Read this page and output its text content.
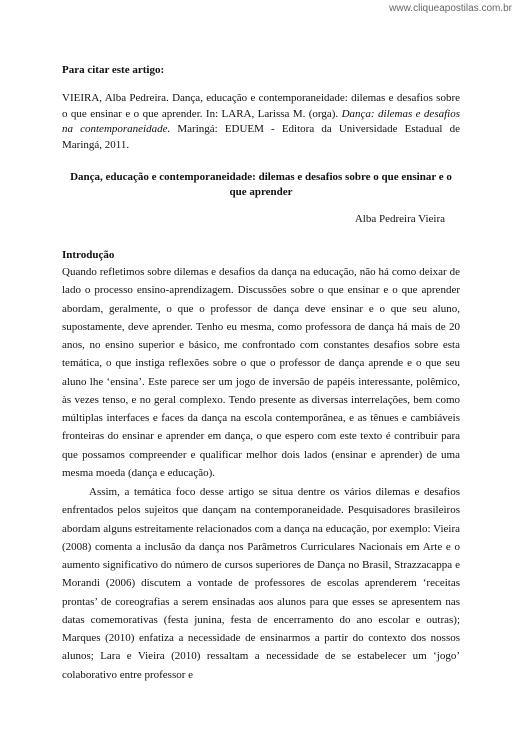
www.cliqueapostilas.com.br
Para citar este artigo:
VIEIRA, Alba Pedreira. Dança, educação e contemporaneidade: dilemas e desafios sobre o que ensinar e o que aprender. In: LARA, Larissa M. (orga). Dança: dilemas e desafios na contemporaneidade. Maringá: EDUEM - Editora da Universidade Estadual de Maringá, 2011.
Dança, educação e contemporaneidade: dilemas e desafios sobre o que ensinar e o que aprender
Alba Pedreira Vieira
Introdução

Quando refletimos sobre dilemas e desafios da dança na educação, não há como deixar de lado o processo ensino-aprendizagem. Discussões sobre o que ensinar e o que aprender abordam, geralmente, o que o professor de dança deve ensinar e o que seu aluno, supostamente, deve aprender. Tenho eu mesma, como professora de dança há mais de 20 anos, no ensino superior e básico, me confrontado com constantes desafios sobre esta temática, o que instiga reflexões sobre o que o professor de dança aprende e o que seu aluno lhe ‘ensina’. Este parece ser um jogo de inversão de papéis interessante, polêmico, às vezes tenso, e no geral complexo. Tendo presente as diversas interrelações, bem como múltiplas interfaces e faces da dança na escola contemporânea, e as tênues e cambiáveis fronteiras do ensinar e aprender em dança, o que espero com este texto é contribuir para que possamos compreender e qualificar melhor dois lados (ensinar e aprender) de uma mesma moeda (dança e educação).

Assim, a temática foco desse artigo se situa dentre os vários dilemas e desafios enfrentados pelos sujeitos que dançam na contemporaneidade. Pesquisadores brasileiros abordam alguns estreitamente relacionados com a dança na educação, por exemplo: Vieira (2008) comenta a inclusão da dança nos Parâmetros Curriculares Nacionais em Arte e o aumento significativo do número de cursos superiores de Dança no Brasil, Strazzacappa e Morandi (2006) discutem a vontade de professores de escolas aprenderem ‘receitas prontas’ de coreografias a serem ensinadas aos alunos para que esses se apresentem nas datas comemorativas (festa junina, festa de encerramento do ano escolar e outras); Marques (2010) enfatiza a necessidade de ensinarmos a partir do contexto dos nossos alunos; Lara e Vieira (2010) ressaltam a necessidade de se estabelecer um ‘jogo’ colaborativo entre professor e
